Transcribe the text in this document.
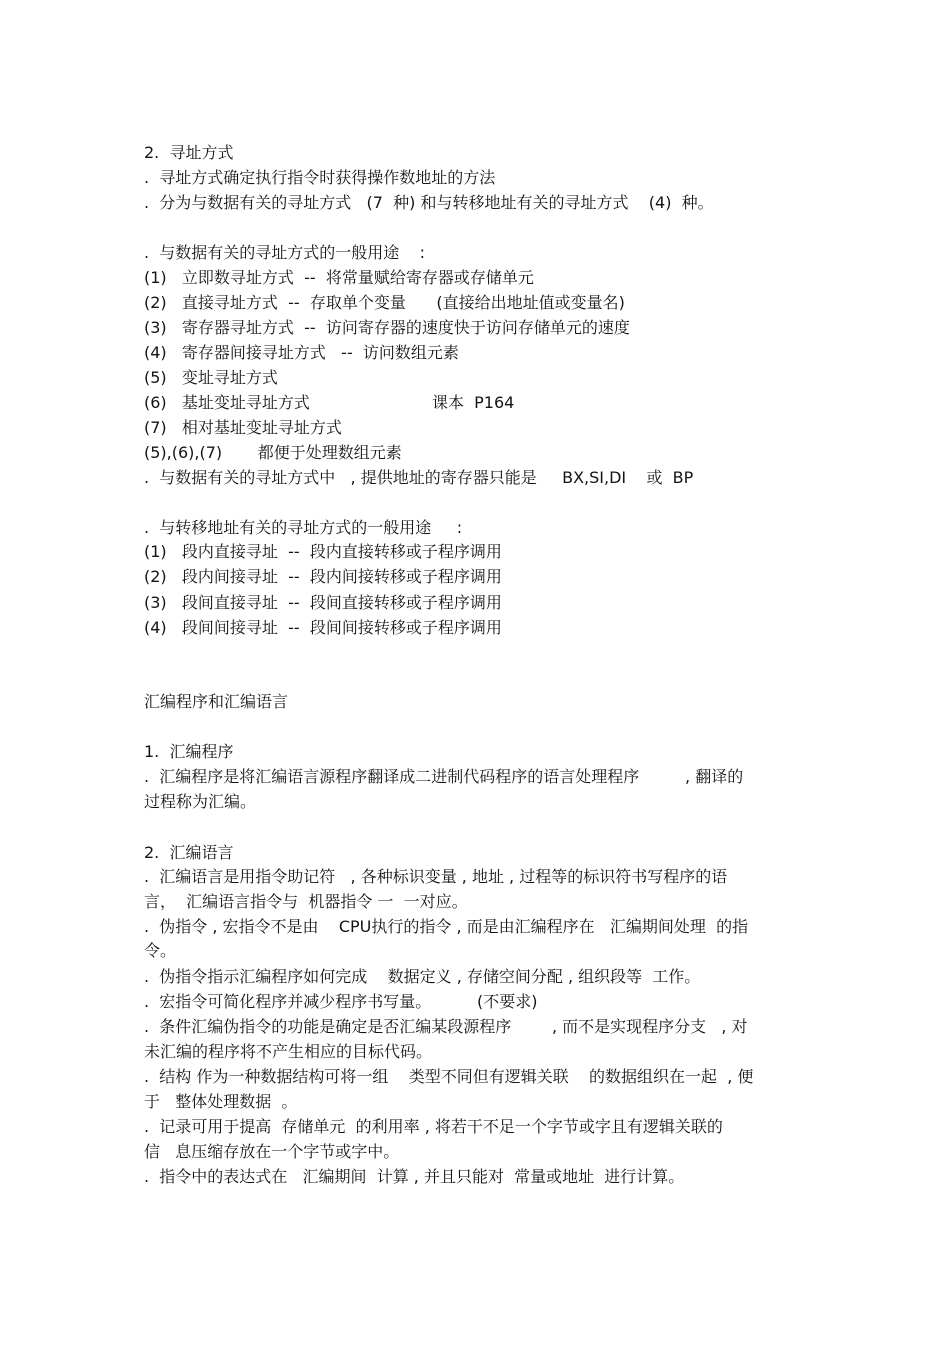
2.  寻址方式
.  寻址方式确定执行指令时获得操作数地址的方法
.  分为与数据有关的寻址方式   (7  种) 和与转移地址有关的寻址方式    (4)  种。
.  与数据有关的寻址方式的一般用途    :
(1)   立即数寻址方式  --  将常量赋给寄存器或存储单元
(2)   直接寻址方式  --  存取单个变量      (直接给出地址值或变量名)
(3)   寄存器寻址方式  --  访问寄存器的速度快于访问存储单元的速度
(4)   寄存器间接寻址方式   --  访问数组元素
(5)   变址寻址方式
(6)   基址变址寻址方式                        课本  P164
(7)   相对基址变址寻址方式
(5),(6),(7)       都便于处理数组元素
.  与数据有关的寻址方式中   , 提供地址的寄存器只能是     BX,SI,DI    或  BP
.  与转移地址有关的寻址方式的一般用途     :
(1)   段内直接寻址  --  段内直接转移或子程序调用
(2)   段内间接寻址  --  段内间接转移或子程序调用
(3)   段间直接寻址  --  段间直接转移或子程序调用
(4)   段间间接寻址  --  段间间接转移或子程序调用
汇编程序和汇编语言
1.  汇编程序
.  汇编程序是将汇编语言源程序翻译成二进制代码程序的语言处理程序         , 翻译的
过程称为汇编。
2.  汇编语言
.  汇编语言是用指令助记符   , 各种标识变量 , 地址 , 过程等的标识符书写程序的语
言，  汇编语言指令与  机器指令 一  一对应。
.  伪指令 , 宏指令不是由    CPU执行的指令 , 而是由汇编程序在   汇编期间处理  的指
令。
.  伪指令指示汇编程序如何完成    数据定义 , 存储空间分配 , 组织段等  工作。
.  宏指令可简化程序并减少程序书写量。         (不要求)
.  条件汇编伪指令的功能是确定是否汇编某段源程序        , 而不是实现程序分支   , 对
未汇编的程序将不产生相应的目标代码。
.  结构 作为一种数据结构可将一组    类型不同但有逻辑关联    的数据组织在一起  , 便
于   整体处理数据  。
.  记录可用于提高  存储单元  的利用率 , 将若干不足一个字节或字且有逻辑关联的
信   息压缩存放在一个字节或字中。
.  指令中的表达式在   汇编期间  计算 , 并且只能对  常量或地址  进行计算。
